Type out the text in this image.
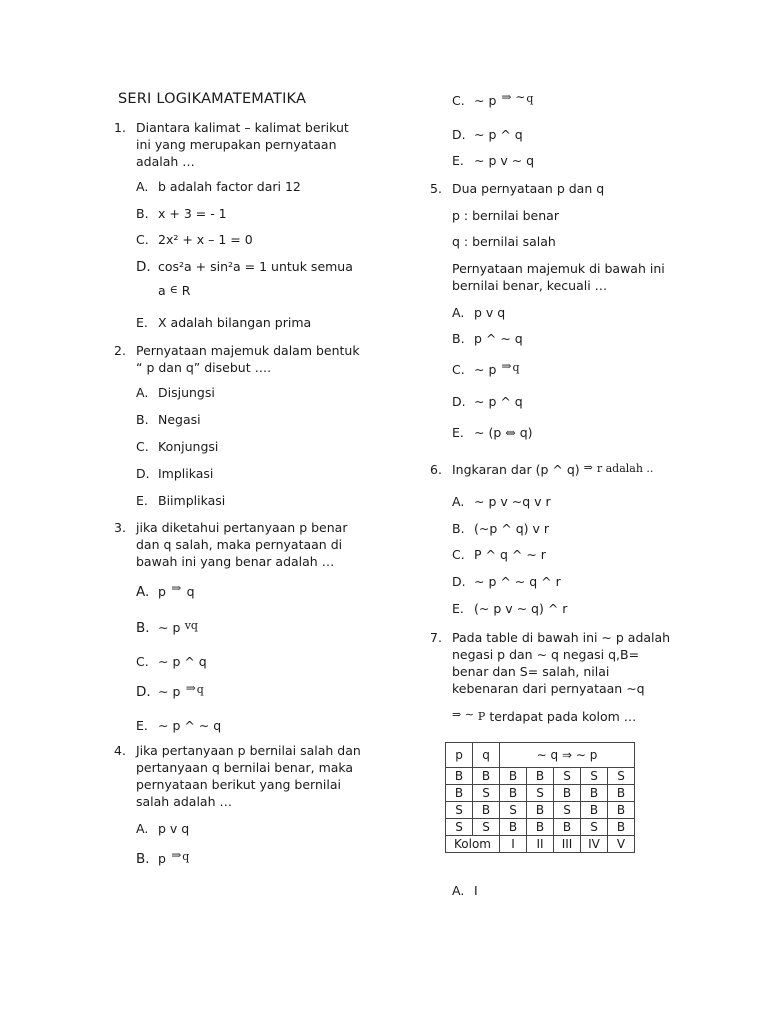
SERI LOGIKAMATEMATIKA
1. Diantara kalimat – kalimat berikut
ini yang merupakan pernyataan
adalah …
A. b adalah factor dari 12
B. x + 3 = - 1
C. 2x² + x – 1 = 0
D. cos²a + sin²a = 1 untuk semua
a ∈ R
E. X adalah bilangan prima
2. Pernyataan majemuk dalam bentuk
“ p dan q” disebut ….
A. Disjungsi
B. Negasi
C. Konjungsi
D. Implikasi
E. Biimplikasi
3. jika diketahui pertanyaan p benar
dan q salah, maka pernyataan di
bawah ini yang benar adalah …
A. p ⇒ q
B. ∼ p $^{vq}$
C. ∼ p ^ q
D. ∼ p ⇒$^q$
E. ∼ p ^ ∼ q
4. Jika pertanyaan p bernilai salah dan
pertanyaan q bernilai benar, maka
pernyataan berikut yang bernilai
salah adalah …
A. p v q
B. p ⇒$^q$
C. ∼ p ⇒ ∼q
D. ∼ p ^ q
E. ∼ p v ∼ q
5. Dua pernyataan p dan q
p : bernilai benar
q : bernilai salah
Pernyataan majemuk di bawah ini
bernilai benar, kecuali …
A. p v q
B. p ^ ∼ q
C. ∼ p ⇒q
D. ∼ p ^ q
E. ∼ (p ⇔ q)
6. Ingkaran dar (p ^ q) ⇒ r adalah ..
A. ∼ p v ∼q v r
B. (∼p ^ q) v r
C. P ^ q ^ ∼ r
D. ∼ p ^ ∼ q ^ r
E. (∼ p v ∼ q) ^ r
7. Pada table di bawah ini ∼ p adalah
negasi p dan ∼ q negasi q,B=
benar dan S= salah, nilai
kebenaran dari pernyataan ∼q
⇒ ∼ P terdapat pada kolom …
p	q	∼ q ⇒ ∼ p				
B	B	B	B	S	S	S
B	S	B	S	B	B	B
S	B	S	B	S	B	B
S	S	B	B	B	S	B
Kolom		I	II	III	IV	V
A. I
